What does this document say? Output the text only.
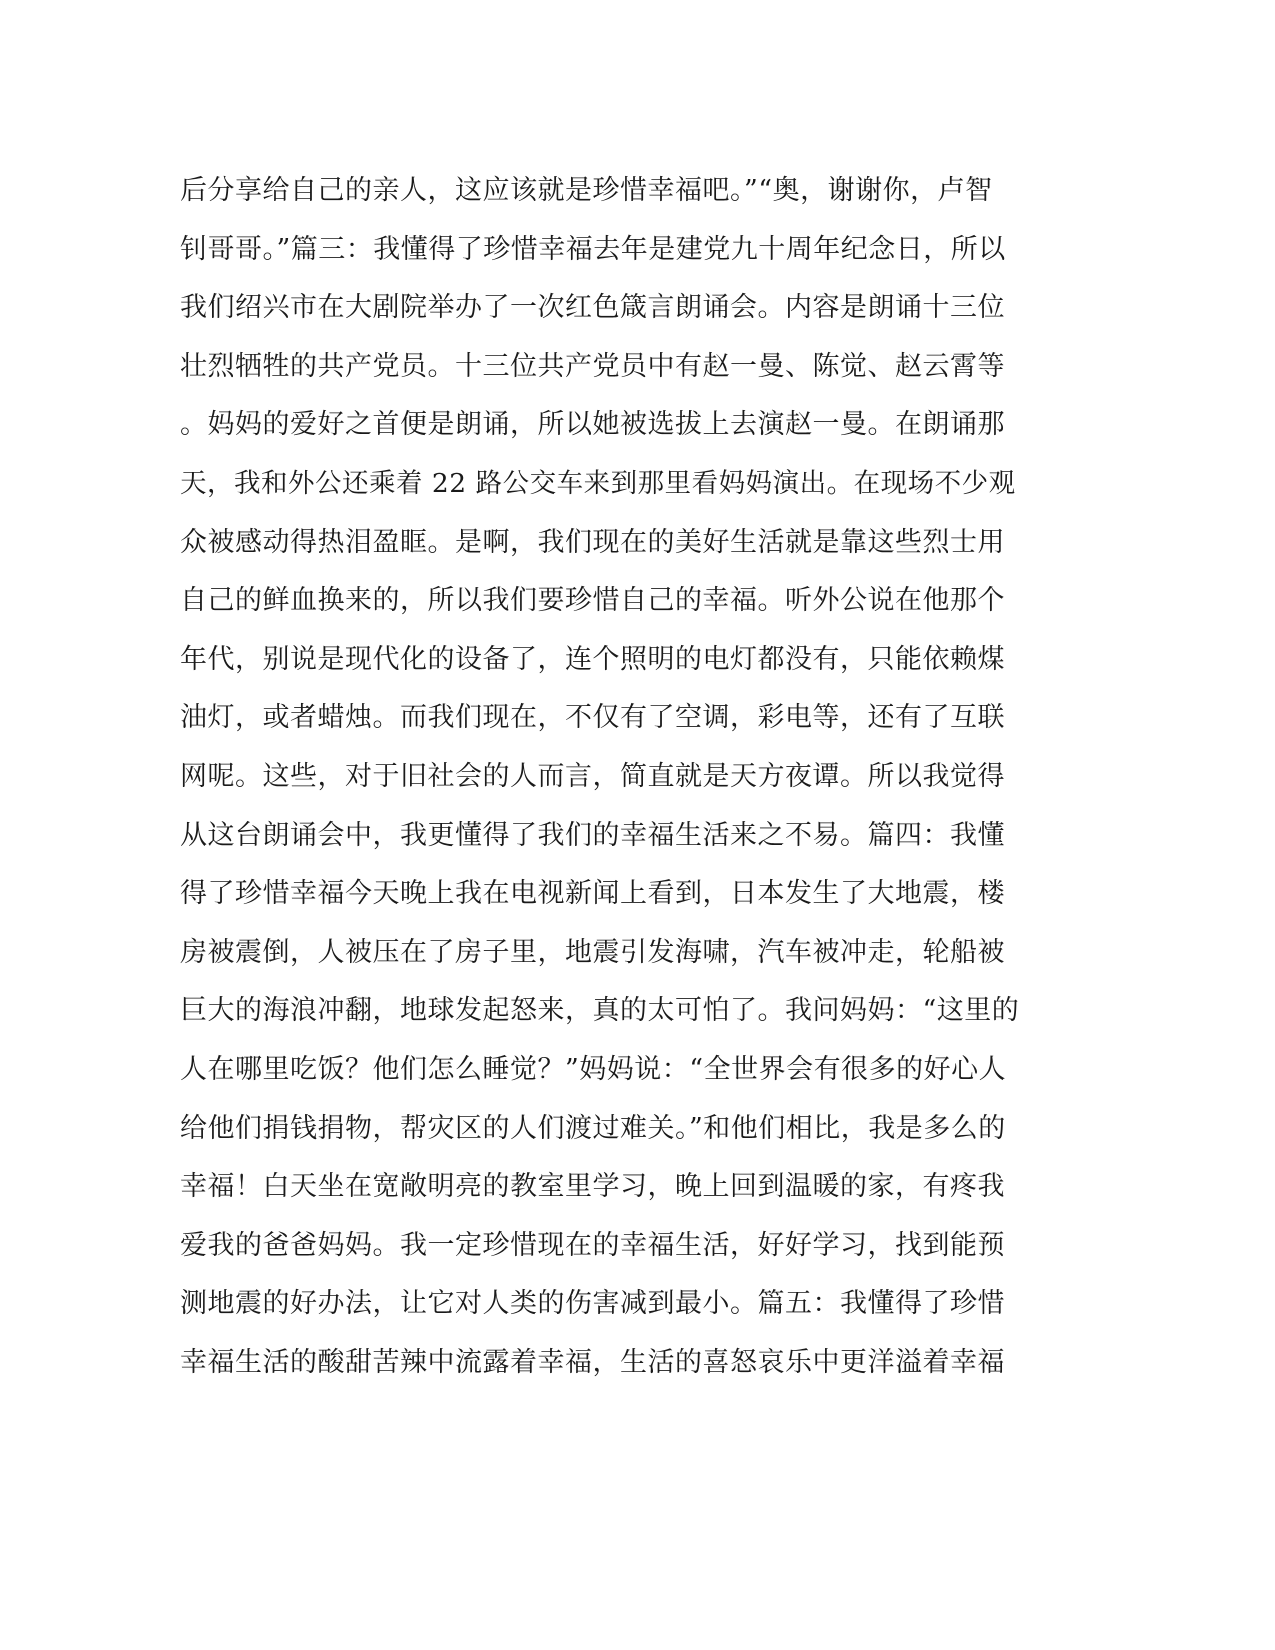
后分享给自己的亲人，这应该就是珍惜幸福吧。”“奥，谢谢你，卢智
钊哥哥。”篇三：我懂得了珍惜幸福去年是建党九十周年纪念日，所以
我们绍兴市在大剧院举办了一次红色箴言朗诵会。内容是朗诵十三位
壮烈牺牲的共产党员。十三位共产党员中有赵一曼、陈觉、赵云霄等
。妈妈的爱好之首便是朗诵，所以她被选拔上去演赵一曼。在朗诵那
天，我和外公还乘着 22 路公交车来到那里看妈妈演出。在现场不少观
众被感动得热泪盈眶。是啊，我们现在的美好生活就是靠这些烈士用
自己的鲜血换来的，所以我们要珍惜自己的幸福。听外公说在他那个
年代，别说是现代化的设备了，连个照明的电灯都没有，只能依赖煤
油灯，或者蜡烛。而我们现在，不仅有了空调，彩电等，还有了互联
网呢。这些，对于旧社会的人而言，简直就是天方夜谭。所以我觉得
从这台朗诵会中，我更懂得了我们的幸福生活来之不易。篇四：我懂
得了珍惜幸福今天晚上我在电视新闻上看到，日本发生了大地震，楼
房被震倒，人被压在了房子里，地震引发海啸，汽车被冲走，轮船被
巨大的海浪冲翻，地球发起怒来，真的太可怕了。我问妈妈：“这里的
人在哪里吃饭？他们怎么睡觉？”妈妈说：“全世界会有很多的好心人
给他们捐钱捐物，帮灾区的人们渡过难关。”和他们相比，我是多么的
幸福！白天坐在宽敞明亮的教室里学习，晚上回到温暖的家，有疼我
爱我的爸爸妈妈。我一定珍惜现在的幸福生活，好好学习，找到能预
测地震的好办法，让它对人类的伤害减到最小。篇五：我懂得了珍惜
幸福生活的酸甜苦辣中流露着幸福，生活的喜怒哀乐中更洋溢着幸福
